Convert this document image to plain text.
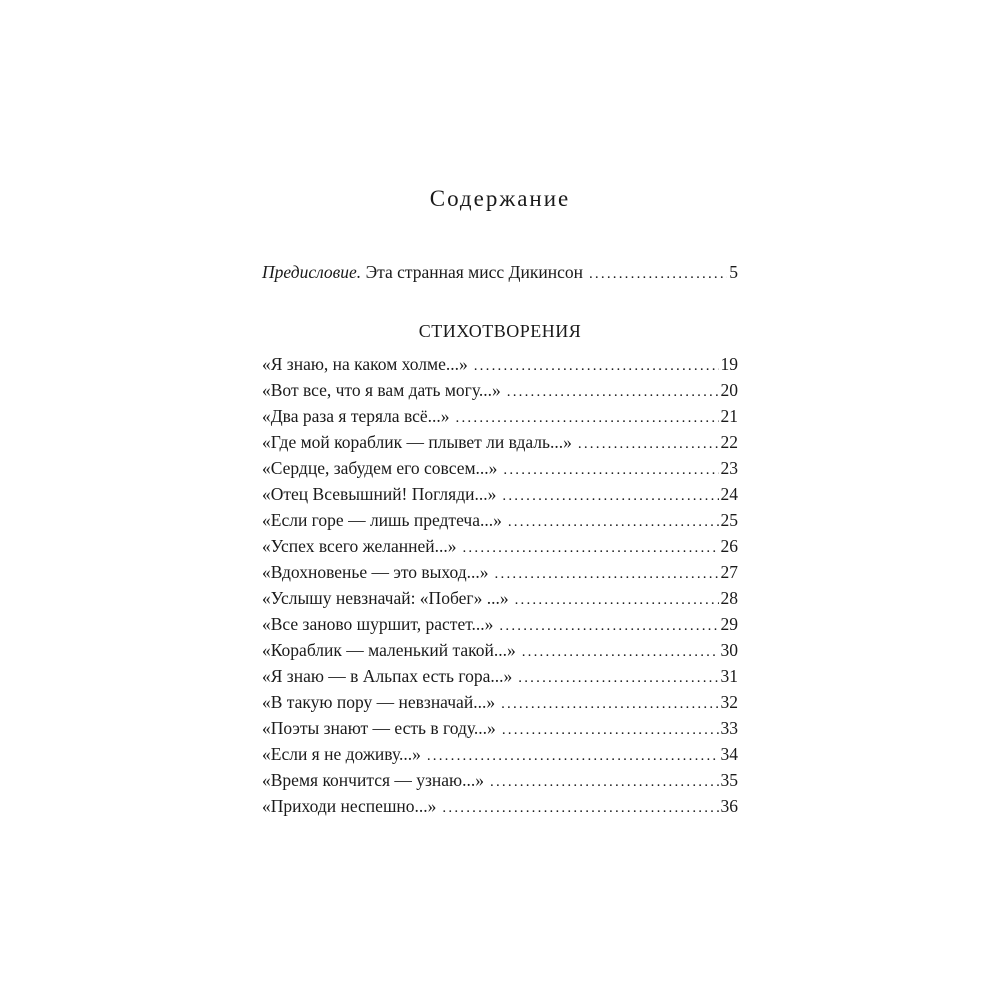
Содержание
Предисловие. Эта странная мисс Дикинсон .....	5
СТИХОТВОРЕНИЯ
«Я знаю, на каком холме...» .....	19
«Вот все, что я вам дать могу...» .....	20
«Два раза я теряла всё...» .....	21
«Где мой кораблик — плывет ли вдаль...» .....	22
«Сердце, забудем его совсем...» .....	23
«Отец Всевышний! Погляди...» .....	24
«Если горе — лишь предтеча...» .....	25
«Успех всего желанней...» .....	26
«Вдохновенье — это выход...» .....	27
«Услышу невзначай: «Побег» ...» .....	28
«Все заново шуршит, растет...» .....	29
«Кораблик — маленький такой...» .....	30
«Я знаю — в Альпах есть гора...» .....	31
«В такую пору — невзначай...» .....	32
«Поэты знают — есть в году...» .....	33
«Если я не доживу...» .....	34
«Время кончится — узнаю...» .....	35
«Приходи неспешно...» .....	36
